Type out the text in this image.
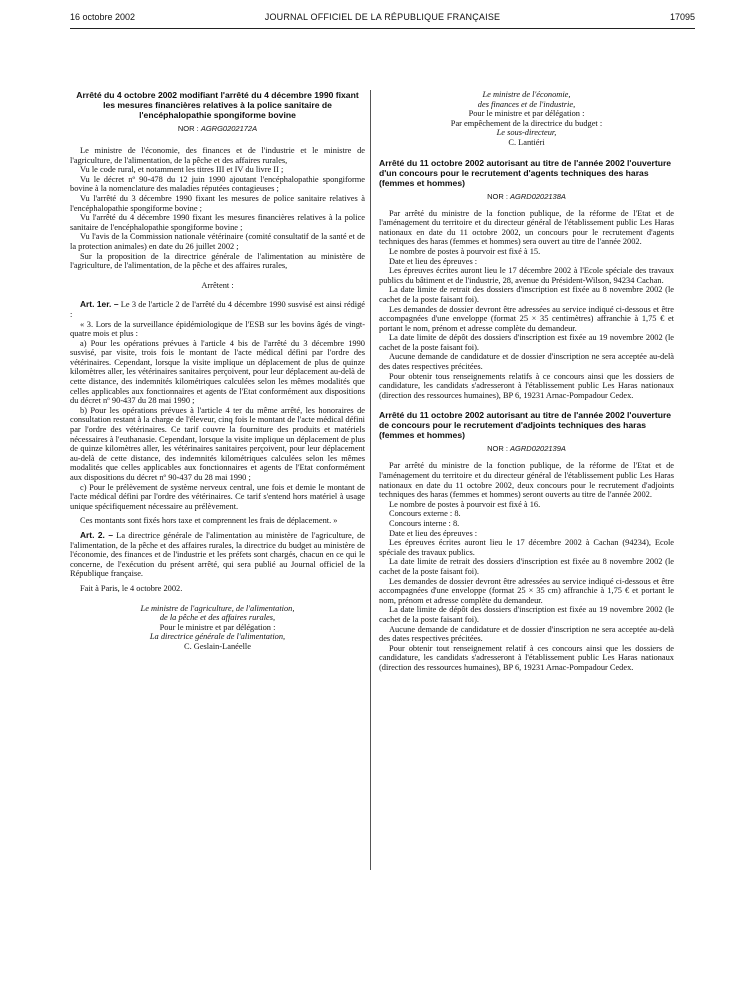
16 octobre 2002	JOURNAL OFFICIEL DE LA RÉPUBLIQUE FRANÇAISE	17095
Arrêté du 4 octobre 2002 modifiant l'arrêté du 4 décembre 1990 fixant les mesures financières relatives à la police sanitaire de l'encéphalopathie spongiforme bovine
NOR : AGRG0202172A

Le ministre de l'économie, des finances et de l'industrie et le ministre de l'agriculture, de l'alimentation, de la pêche et des affaires rurales,

Vu le code rural, et notamment les titres III et IV du livre II ;

Vu le décret nº 90-478 du 12 juin 1990 ajoutant l'encéphalopathie spongiforme bovine à la nomenclature des maladies réputées contagieuses ;

Vu l'arrêté du 3 décembre 1990 fixant les mesures de police sanitaire relatives à l'encéphalopathie spongiforme bovine ;

Vu l'arrêté du 4 décembre 1990 fixant les mesures financières relatives à la police sanitaire de l'encéphalopathie spongiforme bovine ;

Vu l'avis de la Commission nationale vétérinaire (comité consultatif de la santé et de la protection animales) en date du 26 juillet 2002 ;

Sur la proposition de la directrice générale de l'alimentation au ministère de l'agriculture, de l'alimentation, de la pêche et des affaires rurales,

Arrêtent :

Art. 1er. – Le 3 de l'article 2 de l'arrêté du 4 décembre 1990 susvisé est ainsi rédigé :

« 3. Lors de la surveillance épidémiologique de l'ESB sur les bovins âgés de vingt-quatre mois et plus :

a) Pour les opérations prévues à l'article 4 bis de l'arrêté du 3 décembre 1990 susvisé, par visite, trois fois le montant de l'acte médical défini par l'ordre des vétérinaires. Cependant, lorsque la visite implique un déplacement de plus de quinze kilomètres aller, les vétérinaires sanitaires perçoivent, pour leur déplacement au-delà de cette distance, des indemnités kilométriques calculées selon les mêmes modalités que celles applicables aux fonctionnaires et agents de l'Etat conformément aux dispositions du décret nº 90-437 du 28 mai 1990 ;

b) Pour les opérations prévues à l'article 4 ter du même arrêté, les honoraires de consultation restant à la charge de l'éleveur, cinq fois le montant de l'acte médical défini par l'ordre des vétérinaires. Ce tarif couvre la fourniture des produits et matériels nécessaires à l'euthanasie. Cependant, lorsque la visite implique un déplacement de plus de quinze kilomètres aller, les vétérinaires sanitaires perçoivent, pour leur déplacement au-delà de cette distance, des indemnités kilométriques calculées selon les mêmes modalités que celles applicables aux fonctionnaires et agents de l'Etat conformément aux dispositions du décret nº 90-437 du 28 mai 1990 ;

c) Pour le prélèvement de système nerveux central, une fois et demie le montant de l'acte médical défini par l'ordre des vétérinaires. Ce tarif s'entend hors matériel à usage unique spécifiquement nécessaire au prélèvement.

Ces montants sont fixés hors taxe et comprennent les frais de déplacement. »

Art. 2. – La directrice générale de l'alimentation au ministère de l'agriculture, de l'alimentation, de la pêche et des affaires rurales, la directrice du budget au ministère de l'économie, des finances et de l'industrie et les préfets sont chargés, chacun en ce qui le concerne, de l'exécution du présent arrêté, qui sera publié au Journal officiel de la République française.

Fait à Paris, le 4 octobre 2002.

Le ministre de l'agriculture, de l'alimentation,
de la pêche et des affaires rurales,
Pour le ministre et par délégation :
La directrice générale de l'alimentation,
C. Geslain-Lanéelle

Le ministre de l'économie,
des finances et de l'industrie,
Pour le ministre et par délégation :
Par empêchement de la directrice du budget :
Le sous-directeur,
C. Lantiéri

Arrêté du 11 octobre 2002 autorisant au titre de l'année 2002 l'ouverture d'un concours pour le recrutement d'agents techniques des haras (femmes et hommes)
NOR : AGRD0202138A

Par arrêté du ministre de la fonction publique, de la réforme de l'Etat et de l'aménagement du territoire et du directeur général de l'établissement public Les Haras nationaux en date du 11 octobre 2002, un concours pour le recrutement d'agents techniques des haras (femmes et hommes) sera ouvert au titre de l'année 2002.

Le nombre de postes à pourvoir est fixé à 15.

Date et lieu des épreuves :

Les épreuves écrites auront lieu le 17 décembre 2002 à l'Ecole spéciale des travaux publics du bâtiment et de l'industrie, 28, avenue du Président-Wilson, 94234 Cachan.

La date limite de retrait des dossiers d'inscription est fixée au 8 novembre 2002 (le cachet de la poste faisant foi).

Les demandes de dossier devront être adressées au service indiqué ci-dessous et être accompagnées d'une enveloppe (format 25 × 35 centimètres) affranchie à 1,75 € et portant le nom, prénom et adresse complète du demandeur.

La date limite de dépôt des dossiers d'inscription est fixée au 19 novembre 2002 (le cachet de la poste faisant foi).

Aucune demande de candidature et de dossier d'inscription ne sera acceptée au-delà des dates respectives précitées.

Pour obtenir tous renseignements relatifs à ce concours ainsi que les dossiers de candidature, les candidats s'adresseront à l'établissement public Les Haras nationaux (direction des ressources humaines), BP 6, 19231 Arnac-Pompadour Cedex.

Arrêté du 11 octobre 2002 autorisant au titre de l'année 2002 l'ouverture de concours pour le recrutement d'adjoints techniques des haras (femmes et hommes)
NOR : AGRD0202139A

Par arrêté du ministre de la fonction publique, de la réforme de l'Etat et de l'aménagement du territoire et du directeur général de l'établissement public Les Haras nationaux en date du 11 octobre 2002, deux concours pour le recrutement d'adjoints techniques des haras (femmes et hommes) seront ouverts au titre de l'année 2002.

Le nombre de postes à pourvoir est fixé à 16.

Concours externe : 8.

Concours interne : 8.

Date et lieu des épreuves :

Les épreuves écrites auront lieu le 17 décembre 2002 à Cachan (94234), Ecole spéciale des travaux publics.

La date limite de retrait des dossiers d'inscription est fixée au 8 novembre 2002 (le cachet de la poste faisant foi).

Les demandes de dossier devront être adressées au service indiqué ci-dessous et être accompagnées d'une enveloppe (format 25 × 35 cm) affranchie à 1,75 € et portant le nom, prénom et adresse complète du demandeur.

La date limite de dépôt des dossiers d'inscription est fixée au 19 novembre 2002 (le cachet de la poste faisant foi).

Aucune demande de candidature et de dossier d'inscription ne sera acceptée au-delà des dates respectives précitées.

Pour obtenir tout renseignement relatif à ces concours ainsi que les dossiers de candidature, les candidats s'adresseront à l'établissement public Les Haras nationaux (direction des ressources humaines), BP 6, 19231 Arnac-Pompadour Cedex.
